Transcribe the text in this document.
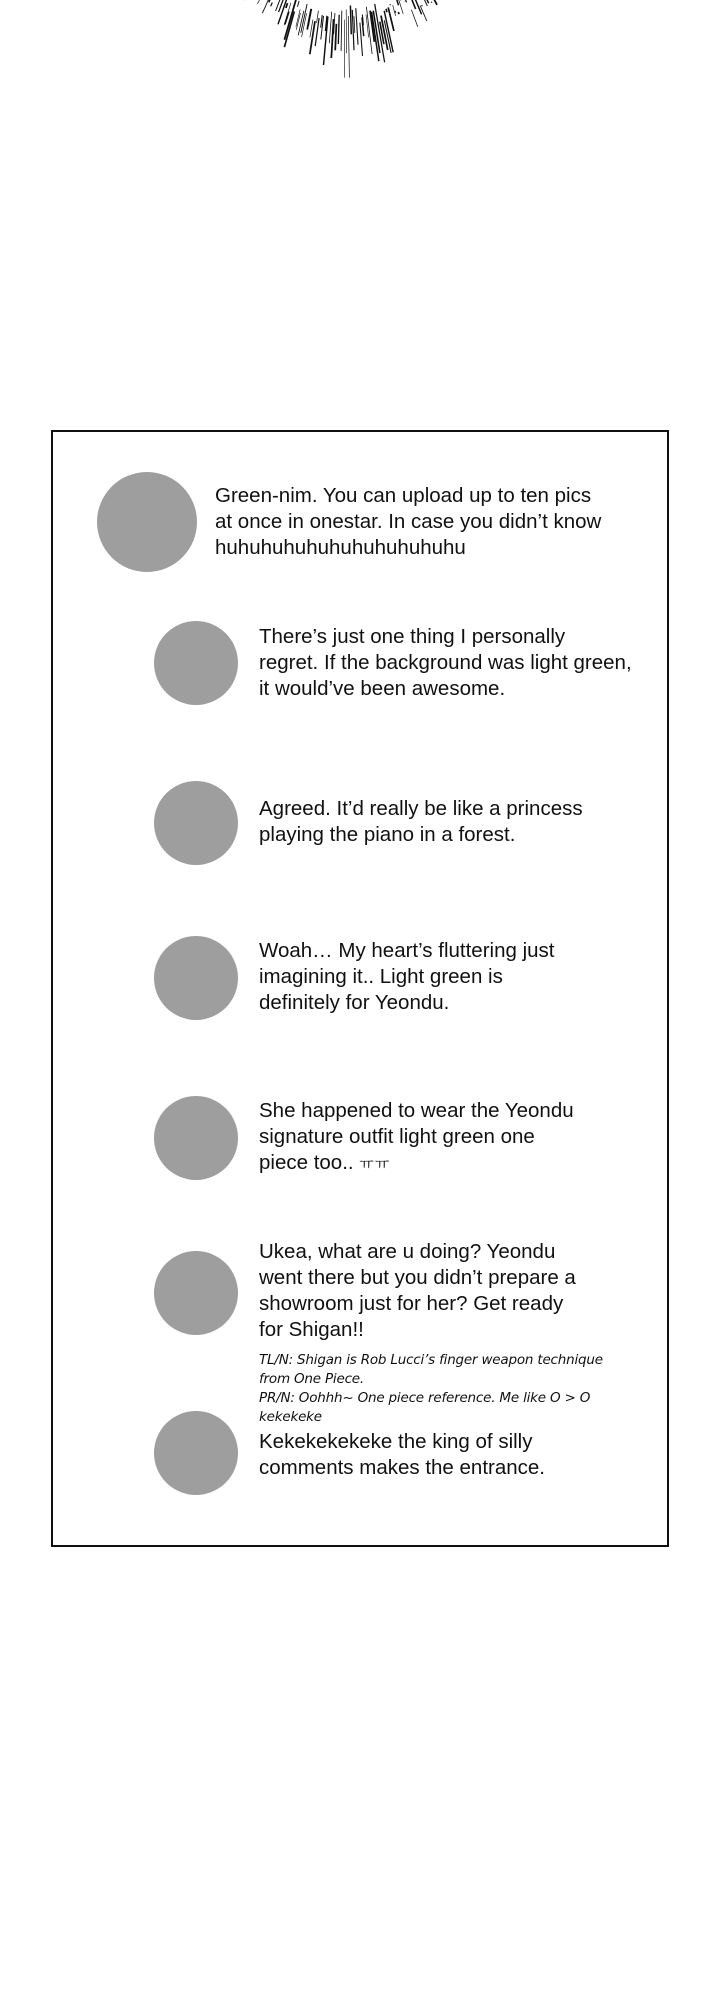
Green-nim. You can upload up to ten pics
at once in onestar. In case you didn’t know
huhuhuhuhuhuhuhuhuhuhu
There’s just one thing I personally
regret. If the background was light green,
it would’ve been awesome.
Agreed. It’d really be like a princess
playing the piano in a forest.
Woah… My heart’s fluttering just
imagining it.. Light green is
definitely for Yeondu.
She happened to wear the Yeondu
signature outfit light green one
piece too.. ㅠㅠ
Ukea, what are u doing? Yeondu
went there but you didn’t prepare a
showroom just for her? Get ready
for Shigan!!
TL/N: Shigan is Rob Lucci’s finger weapon technique
from One Piece.
PR/N: Oohhh~ One piece reference. Me like O > O
kekekeke
Kekekekekeke the king of silly
comments makes the entrance.
